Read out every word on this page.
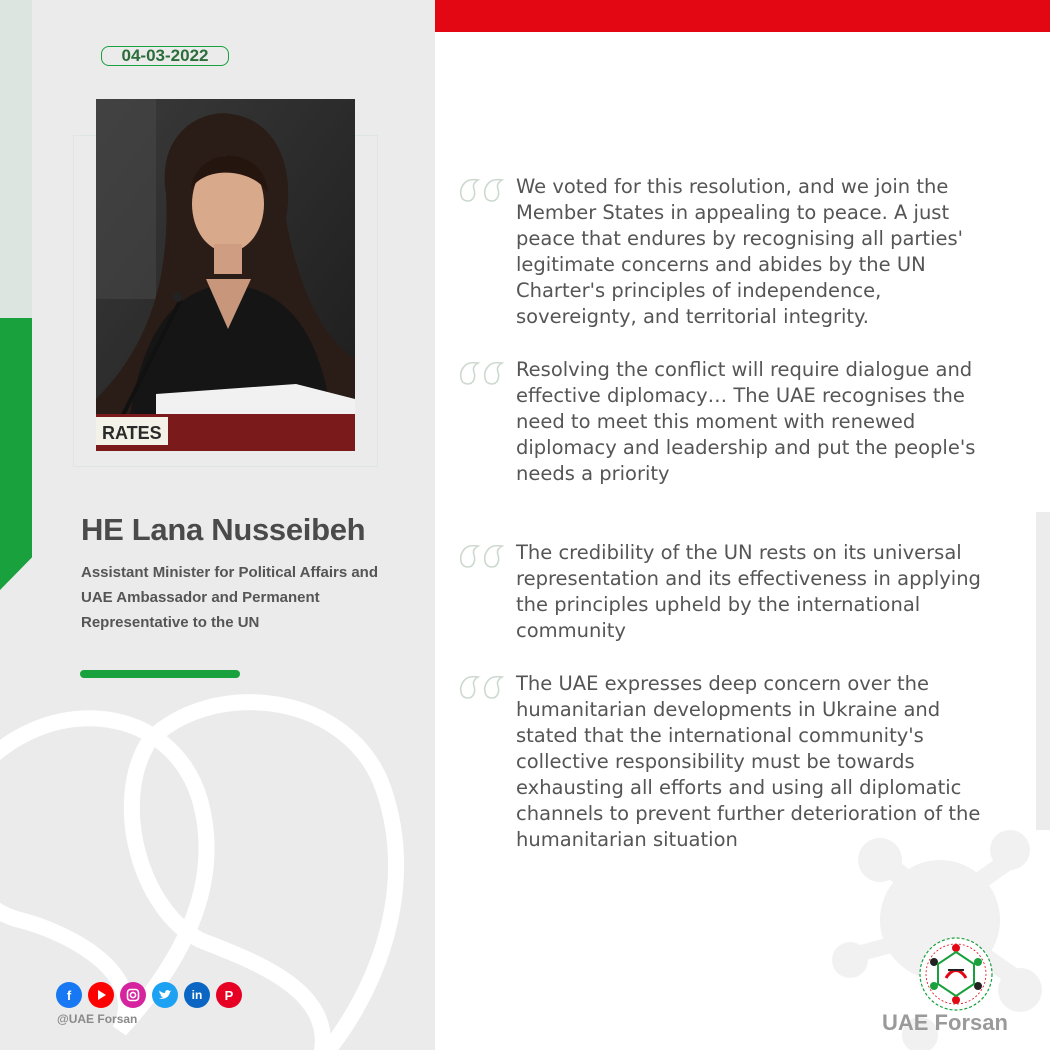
04-03-2022
RATES
HE Lana Nusseibeh
Assistant Minister for Political Affairs and
UAE Ambassador and Permanent
Representative to the UN
f	in	P
@UAE Forsan
We voted for this resolution, and we join the Member States in appealing to peace. A just peace that endures by recognising all parties' legitimate concerns and abides by the UN Charter's principles of independence, sovereignty, and territorial integrity.
Resolving the conflict will require dialogue and effective diplomacy… The UAE recognises the need to meet this moment with renewed diplomacy and leadership and put the people's needs a priority
The credibility of the UN rests on its universal representation and its effectiveness in applying the principles upheld by the international community
The UAE expresses deep concern over the humanitarian developments in Ukraine and stated that the international community's collective responsibility must be towards exhausting all efforts and using all diplomatic channels to prevent further deterioration of the humanitarian situation
UAE Forsan
